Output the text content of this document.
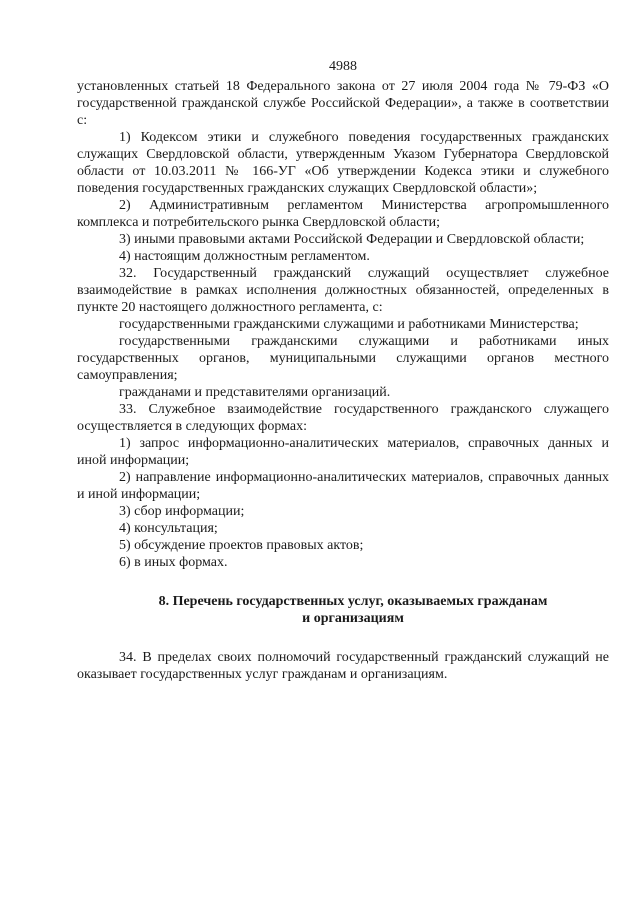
4988

установленных статьей 18 Федерального закона от 27 июля 2004 года № 79-ФЗ «О государственной гражданской службе Российской Федерации», а также в соответствии с:

1) Кодексом этики и служебного поведения государственных гражданских служащих Свердловской области, утвержденным Указом Губернатора Свердловской области от 10.03.2011 № 166-УГ «Об утверждении Кодекса этики и служебного поведения государственных гражданских служащих Свердловской области»;

2) Административным регламентом Министерства агропромышленного комплекса и потребительского рынка Свердловской области;

3) иными правовыми актами Российской Федерации и Свердловской области;

4) настоящим должностным регламентом.

32. Государственный гражданский служащий осуществляет служебное взаимодействие в рамках исполнения должностных обязанностей, определенных в пункте 20 настоящего должностного регламента, с:

государственными гражданскими служащими и работниками Министерства;

государственными гражданскими служащими и работниками иных государственных органов, муниципальными служащими органов местного самоуправления;

гражданами и представителями организаций.

33. Служебное взаимодействие государственного гражданского служащего осуществляется в следующих формах:

1) запрос информационно-аналитических материалов, справочных данных и иной информации;

2) направление информационно-аналитических материалов, справочных данных и иной информации;

3) сбор информации;

4) консультация;

5) обсуждение проектов правовых актов;

6) в иных формах.

8. Перечень государственных услуг, оказываемых гражданам
и организациям

34. В пределах своих полномочий государственный гражданский служащий не оказывает государственных услуг гражданам и организациям.
